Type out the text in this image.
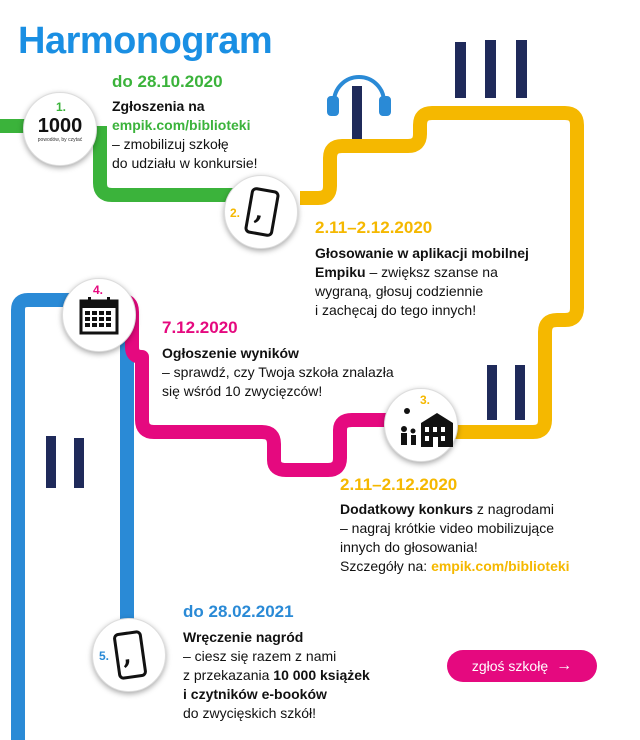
Harmonogram
1.
1000
powodów, by czytać
do 28.10.2020
Zgłoszenia na
empik.com/biblioteki
– zmobilizuj szkołę
do udziału w konkursie!
2. ,
2.11–2.12.2020
Głosowanie w aplikacji mobilnej
Empiku – zwiększ szanse na
wygraną, głosuj codziennie
i zachęcaj do tego innych!
3.
2.11–2.12.2020
Dodatkowy konkurs z nagrodami
– nagraj krótkie video mobilizujące
innych do głosowania!
Szczegóły na: empik.com/biblioteki
4.
7.12.2020
Ogłoszenie wyników
– sprawdź, czy Twoja szkoła znalazła
się wśród 10 zwycięzców!
5. ,
do 28.02.2021
Wręczenie nagród
– ciesz się razem z nami
z przekazania 10 000 książek
i czytników e-booków
do zwycięskich szkół!
zgłoś szkołę →
